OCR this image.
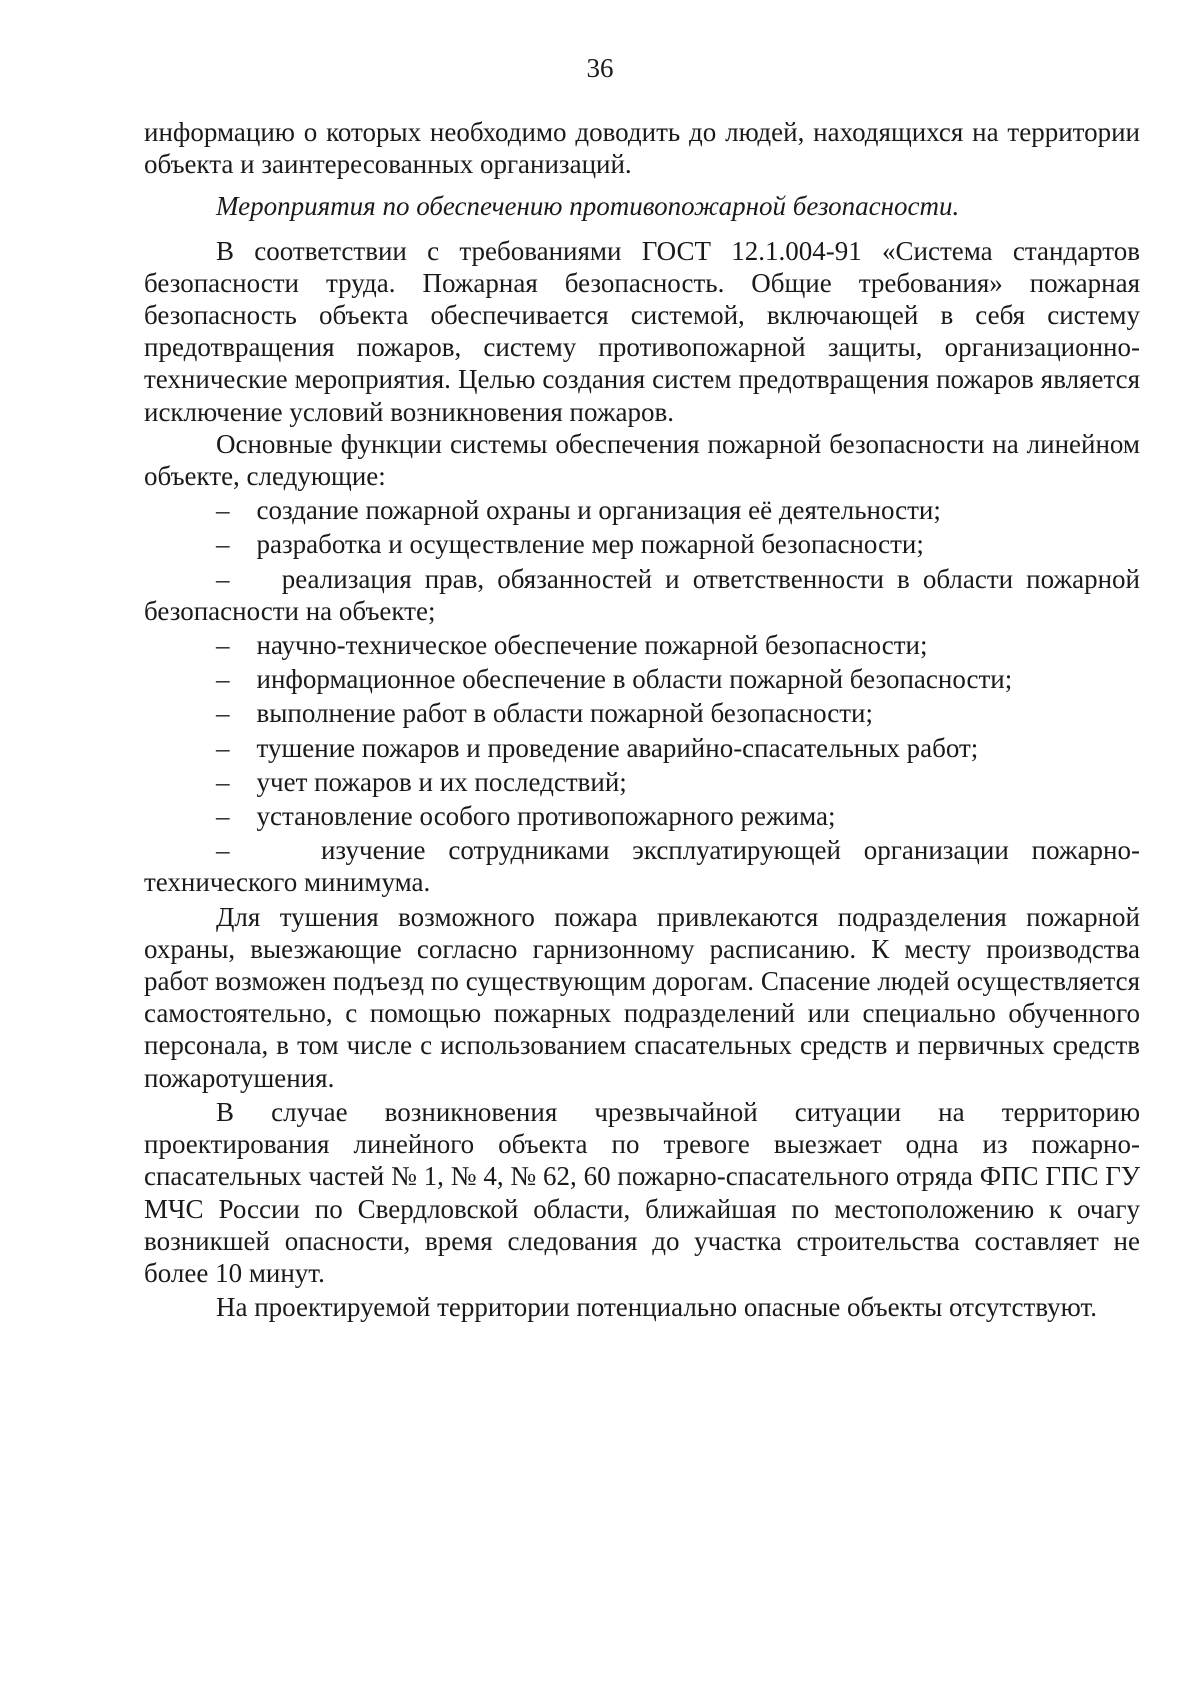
36

информацию о которых необходимо доводить до людей, находящихся на территории объекта и заинтересованных организаций.

Мероприятия по обеспечению противопожарной безопасности.

В соответствии с требованиями ГОСТ 12.1.004-91 «Система стандартов безопасности труда. Пожарная безопасность. Общие требования» пожарная безопасность объекта обеспечивается системой, включающей в себя систему предотвращения пожаров, систему противопожарной защиты, организационно-технические мероприятия. Целью создания систем предотвращения пожаров является исключение условий возникновения пожаров.

Основные функции системы обеспечения пожарной безопасности на линейном объекте, следующие:

– создание пожарной охраны и организация её деятельности;

– разработка и осуществление мер пожарной безопасности;

– реализация прав, обязанностей и ответственности в области пожарной безопасности на объекте;

– научно-техническое обеспечение пожарной безопасности;

– информационное обеспечение в области пожарной безопасности;

– выполнение работ в области пожарной безопасности;

– тушение пожаров и проведение аварийно-спасательных работ;

– учет пожаров и их последствий;

– установление особого противопожарного режима;

–	изучение сотрудниками эксплуатирующей организации пожарно-технического минимума.

Для тушения возможного пожара привлекаются подразделения пожарной охраны, выезжающие согласно гарнизонному расписанию. К месту производства работ возможен подъезд по существующим дорогам. Спасение людей осуществляется самостоятельно, с помощью пожарных подразделений или специально обученного персонала, в том числе с использованием спасательных средств и первичных средств пожаротушения.

В случае возникновения чрезвычайной ситуации на территорию проектирования линейного объекта по тревоге выезжает одна из пожарно-спасательных частей № 1, № 4, № 62, 60 пожарно-спасательного отряда ФПС ГПС ГУ МЧС России по Свердловской области, ближайшая по местоположению к очагу возникшей опасности, время следования до участка строительства составляет не более 10 минут.

На проектируемой территории потенциально опасные объекты отсутствуют.
